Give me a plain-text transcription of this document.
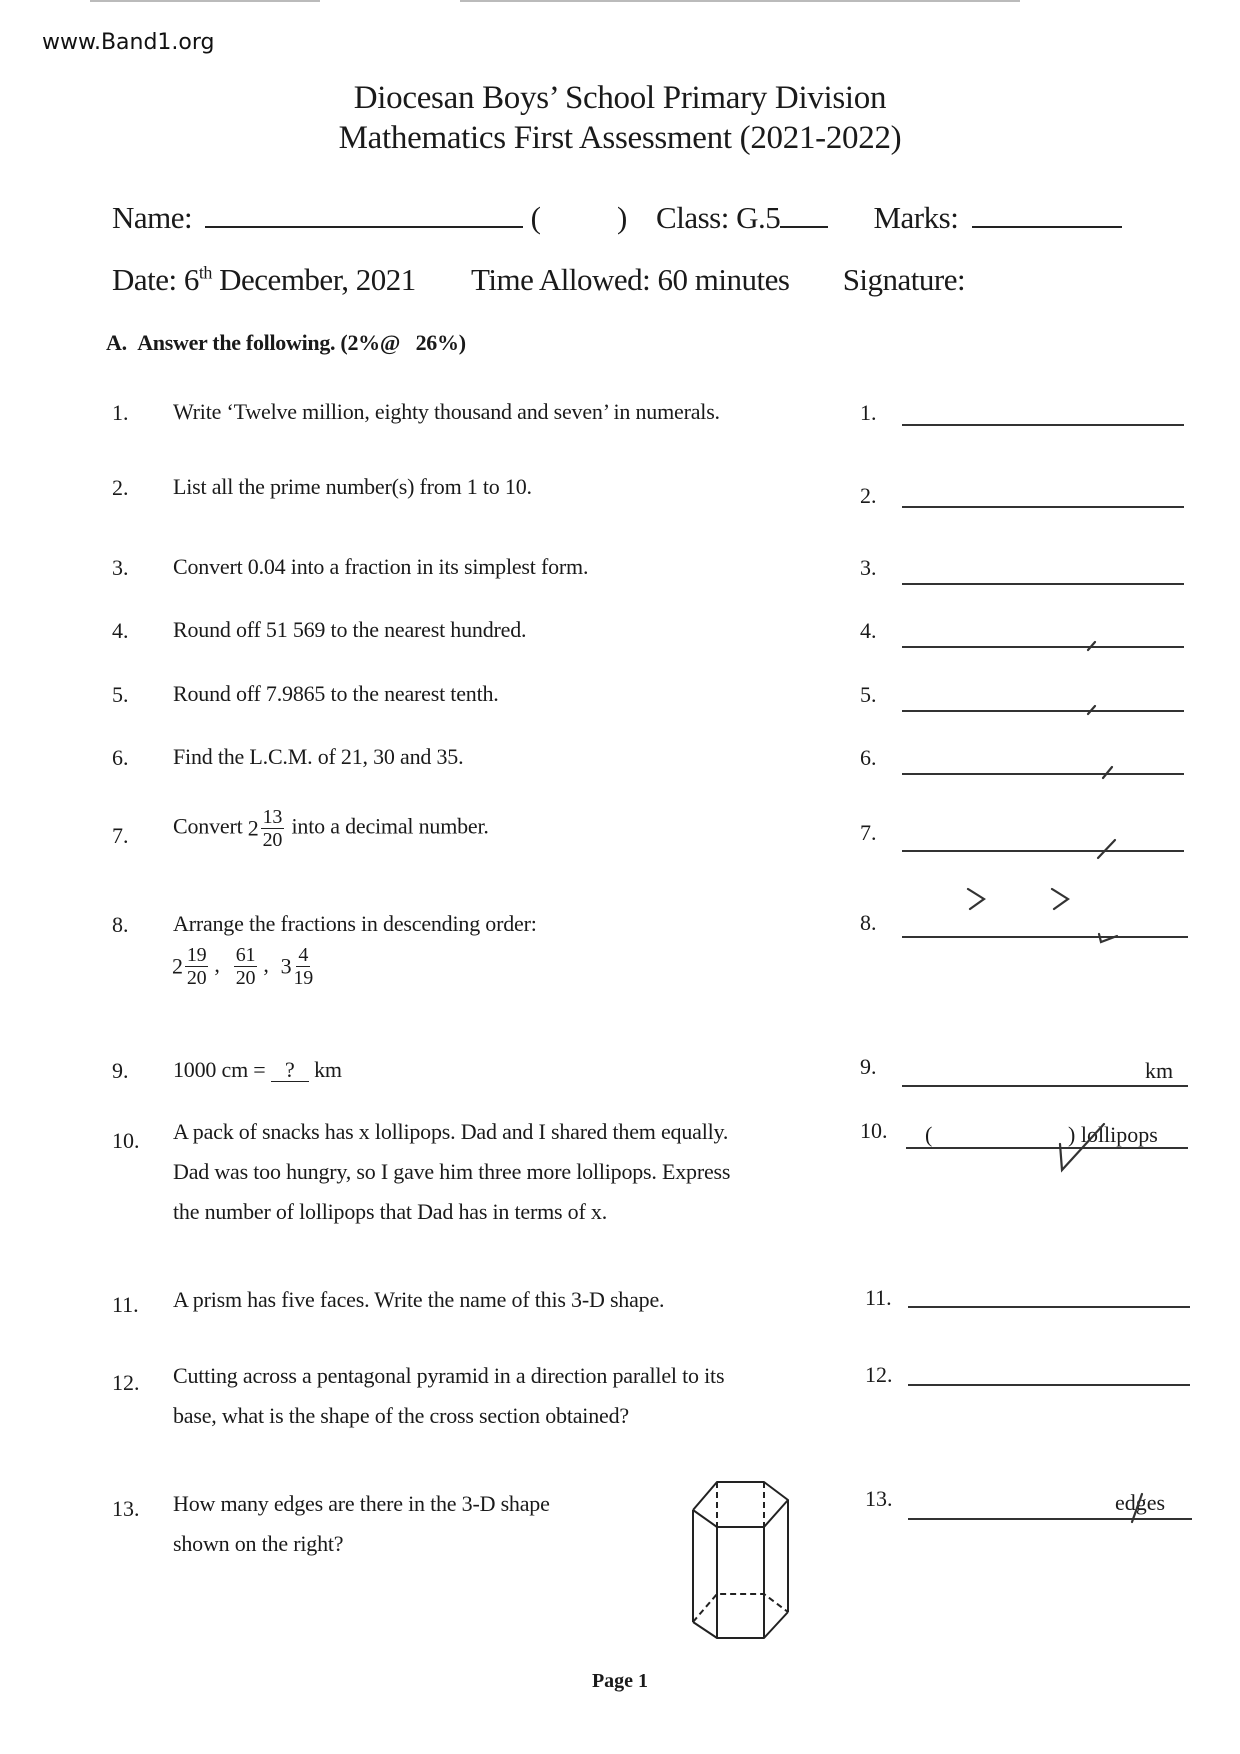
www.Band1.org
Diocesan Boys’ School Primary Division
Mathematics First Assessment (2021-2022)
Name:	( ) Class: G.5	Marks:
Date: 6th December, 2021 Time Allowed: 60 minutes Signature:
A. Answer the following. (2%@   26%)
1. Write ‘Twelve million, eighty thousand and seven’ in numerals.	1.
2. List all the prime number(s) from 1 to 10.	2.
3. Convert 0.04 into a fraction in its simplest form.	3.
4. Round off 51 569 to the nearest hundred.	4.
5. Round off 7.9865 to the nearest tenth.	5.
6. Find the L.C.M. of 21, 30 and 35.	6.
7. Convert $2 \frac{13}{20}$ into a decimal number.	7.
8. Arrange the fractions in descending order:
$2 \frac{19}{20}$ , $\frac{61}{20}$ , $3 \frac{4}{19}$
8.
9. 1000 cm = ? km	9.	km
10. A pack of snacks has x lollipops. Dad and I shared them equally.
Dad was too hungry, so I gave him three more lollipops. Express
the number of lollipops that Dad has in terms of x.
10. (	) lollipops
11. A prism has five faces. Write the name of this 3-D shape.	11.
12. Cutting across a pentagonal pyramid in a direction parallel to its
base, what is the shape of the cross section obtained?
12.
13. How many edges are there in the 3-D shape
shown on the right?
13.	edges
Page 1
